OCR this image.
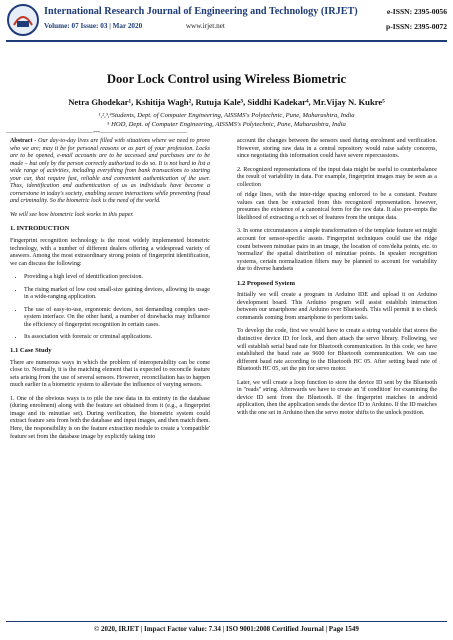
International Research Journal of Engineering and Technology (IRJET)
Volume: 07 Issue: 03 | Mar 2020	www.irjet.net
e-ISSN: 2395-0056
p-ISSN: 2395-0072
Door Lock Control using Wireless Biometric
Netra Ghodekar¹, Kshitija Wagh², Rutuja Kale³, Siddhi Kadekar⁴, Mr.Vijay N. Kukre⁵
¹,²,³,⁴Students, Dept. of Computer Engineering, AISSMS's Polytechnic, Pune, Maharashtra, India
⁵ HOD, Dept. of Computer Engineering, AISSMS's Polytechnic, Pune, Maharashtra, India
---------------------------------------------------------------------***---------------------------------------------------------------------

Abstract - Our day-to-day lives are filled with situations where we need to prove who we are; may it be for personal reasons or as part of your profession. Locks are to be opened, e-mail accounts are to be accessed and purchases are to be made – but only by the person correctly authorized to do so. It is not hard to list a wide range of activities, including everything from bank transactions to starting your car, that require fast, reliable and convenient authentication of the user. Thus, identification and authentication of us as individuals have become a cornerstone in today's society, enabling secure interactions while preventing fraud and criminality. So the biometric lock is the need of the world.

We will see how biometric lock works in this paper.

1. INTRODUCTION

Fingerprint recognition technology is the most widely implemented biometric technology, with a number of different dealers offering a widespread variety of answers. Among the most extraordinary strong points of fingerprint identification, we can discuss the following:

• Providing a high level of identification precision.
• The rising market of low cost small-size gaining devices, allowing its usage in a wide-ranging application.
• The use of easy-to-use, ergonomic devices, not demanding complex user-system interface. On the other hand, a number of drawbacks may influence the efficiency of fingerprint recognition in certain cases.
• Its association with forensic or criminal applications.
1.1 Case Study

There are numerous ways in which the problem of interoperability can be come close to. Normally, it is the matching element that is expected to reconcile feature sets arising from the use of several sensors. However, reconciliation has to happen much earlier in a biometric system to alleviate the influence of varying sensors.

1. One of the obvious ways is to pile the raw data in its entirety in the database (during enrolment) along with the feature set obtained from it (e.g., a fingerprint image and its minutiae set). During verification, the biometric system could extract feature sets from both the database and input images, and then match them. Here, the responsibility is on the feature extraction module to create a 'compatible' feature set from the database image by explicitly taking into

account the changes between the sensors used during enrolment and verification. However, storing raw data in a central repository would raise safety concerns, since negotiating this information could have severe repercussions.

2. Recognized representations of the input data might be useful to counterbalance the result of variability in data. For example, fingerprint images may be seen as a collection

of ridge lines, with the inter-ridge spacing enforced to be a constant. Feature values can then be extracted from this recognized representation. however, presumes the existence of a canonical form for the raw data. It also pre-empts the likelihood of extracting a rich set of features from the unique data.

3. In some circumstances a simple transformation of the template feature set might account for sensor-specific assets. Fingerprint techniques could use the ridge count between minutiae pairs in an image, the location of core/delta points, etc. to 'normalize' the spatial distribution of minutiae points. In speaker recognition systems, certain normalization filters may be planned to account for variability due to diverse handsets

1.2 Proposed System

Initially we will create a program in Arduino IDE and upload it on Arduino development board. This Arduino program will assist establish interaction between our smartphone and Arduino over Bluetooth. This will permit it to check commands coming from smartphone to perform tasks.

To develop the code, first we would have to create a string variable that stores the distinctive device ID for lock, and then attach the servo library. Following, we will establish serial baud rate for Bluetooth communication. In this code, we have established the baud rate as 9600 for Bluetooth communication. We can use different baud rate according to the Bluetooth HC 05. After setting baud rate of Bluetooth HC 05, set the pin for servo motor.

Later, we will create a loop function to store the device ID sent by the Bluetooth in "reads" string. Afterwards we have to create an 'if condition' for examining the device ID sent from the Bluetooth. If the fingerprint matches in android application, then the application sends the device ID to Arduino. If the ID matches with the one set in Arduino then the servo motor shifts to the unlock position.

© 2020, IRJET | Impact Factor value: 7.34 | ISO 9001:2008 Certified Journal | Page 1549
